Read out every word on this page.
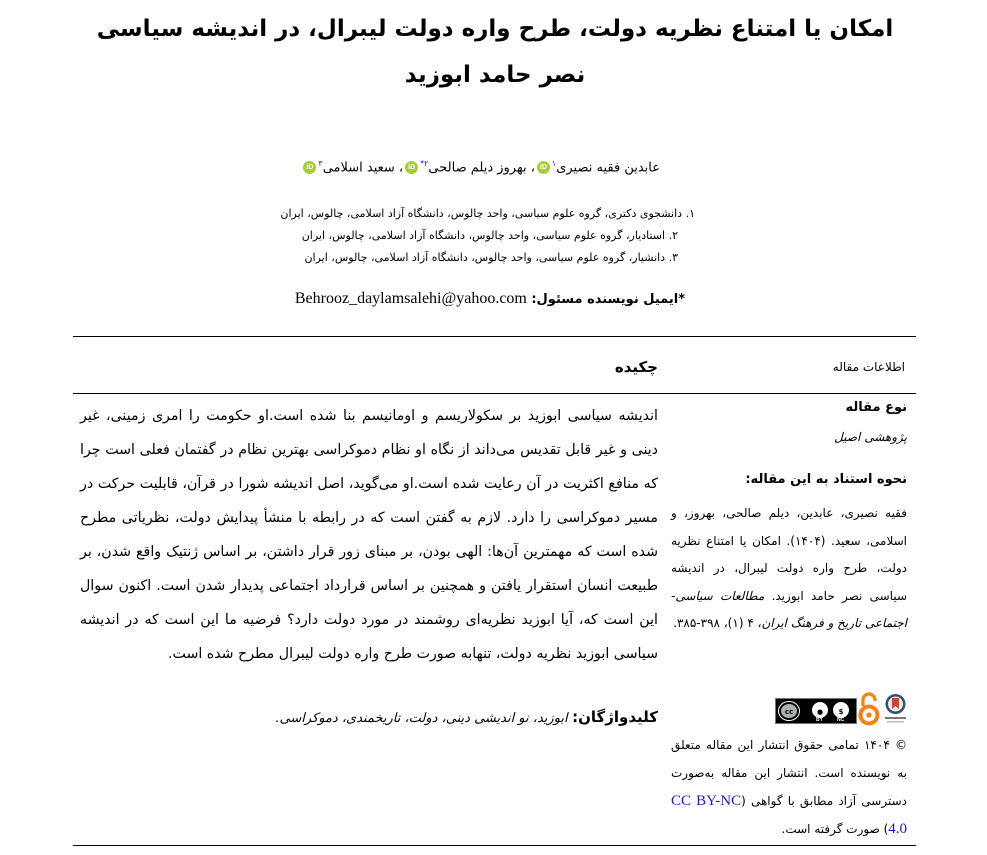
امکان یا امتناع نظریه دولت، طرح واره دولت لیبرال، در اندیشه سیاسی
نصر حامد ابوزید
عابدین فقیه نصیری$^۱$iD، بهروز دیلم صالحی$^{۲*}$iD، سعید اسلامی$^۳$iD
۱. دانشجوی دکتری، گروه علوم سیاسی، واحد چالوس، دانشگاه آزاد اسلامی، چالوس، ایران
۲. استادیار، گروه علوم سیاسی، واحد چالوس، دانشگاه آزاد اسلامی، چالوس، ایران
۳. دانشیار، گروه علوم سیاسی، واحد چالوس، دانشگاه آزاد اسلامی، چالوس، ایران
*ایمیل نویسنده مسئول: Behrooz_daylamsalehi@yahoo.com
اطلاعات مقاله
چکیده
نوع مقاله
پژوهشی اصیل
نحوه استناد به این مقاله:
فقیه نصیری، عابدین، دیلم صالحی، بهروز، و اسلامی، سعید. (۱۴۰۴). امکان یا امتناع نظریه دولت، طرح واره دولت لیبرال، در اندیشه سیاسی نصر حامد ابوزید. مطالعات سیاسی-اجتماعی تاریخ و فرهنگ ایران، ۴ (۱)، ۳۹۸-۳۸۵.
cc	●	$
BY	NC
© ۱۴۰۴ تمامی حقوق انتشار این مقاله متعلق به نویسنده است. انتشار این مقاله به‌صورت دسترسی آزاد مطابق با گواهی (CC BY-NC 4.0) صورت گرفته است.
اندیشه سیاسی ابوزید بر سکولاریسم و اومانیسم بنا شده است.او حکومت را امری زمینی، غیر دینی و غیر قابل تقدیس می‌داند از نگاه او نظام دموکراسی بهترین نظام در گفتمان فعلی است چرا که منافع اکثریت در آن رعایت شده است.او می‌گوید، اصل اندیشه شورا در قرآن، قابلیت حرکت در مسیر دموکراسی را دارد. لازم به گفتن است که در رابطه با منشأ پیدایش دولت، نظریاتی مطرح شده است که مهمترین آن‌ها: الهی بودن، بر مبنای زور قرار داشتن، بر اساس ژنتیک واقع شدن، بر طبیعت انسان استقرار یافتن و همچنین بر اساس قرارداد اجتماعی پدیدار شدن است. اکنون سوال این است که، آیا ابوزید نظریه‌ای روشمند در مورد دولت دارد؟ فرضیه ما این است که در اندیشه سیاسی ابوزید نظریه دولت، تنهابه صورت طرح واره دولت لیبرال مطرح شده است.
کلیدواژگان: ابوزید، نو اندیشی دینی، دولت، تاریخمندی، دموکراسی.
